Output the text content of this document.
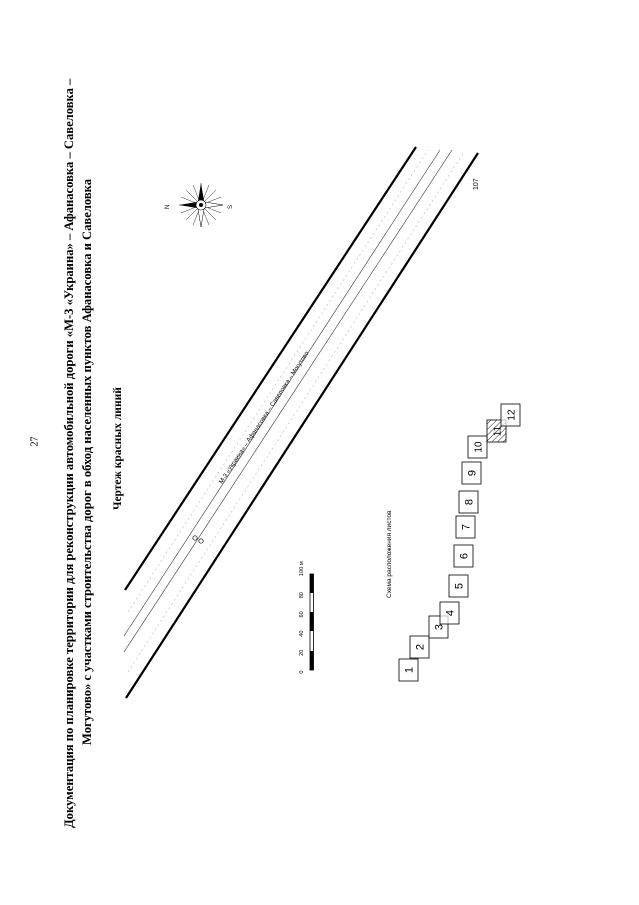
27 Документация по планировке территории для реконструкции автомобильной дороги «М-3 «Украина» – Афанасовка – Савеловка – Могутово» с участками строительства дорог в обход населенных пунктов Афанасовка и Савеловка Чертеж красных линий	М-3 «Украина» – Афанасовка – Савеловка – Могутово
107
N	S
0
20
40
60
80
100 м	Схема расположения листов
1
2
3
4
5
6
7
8
9
10
11
12
